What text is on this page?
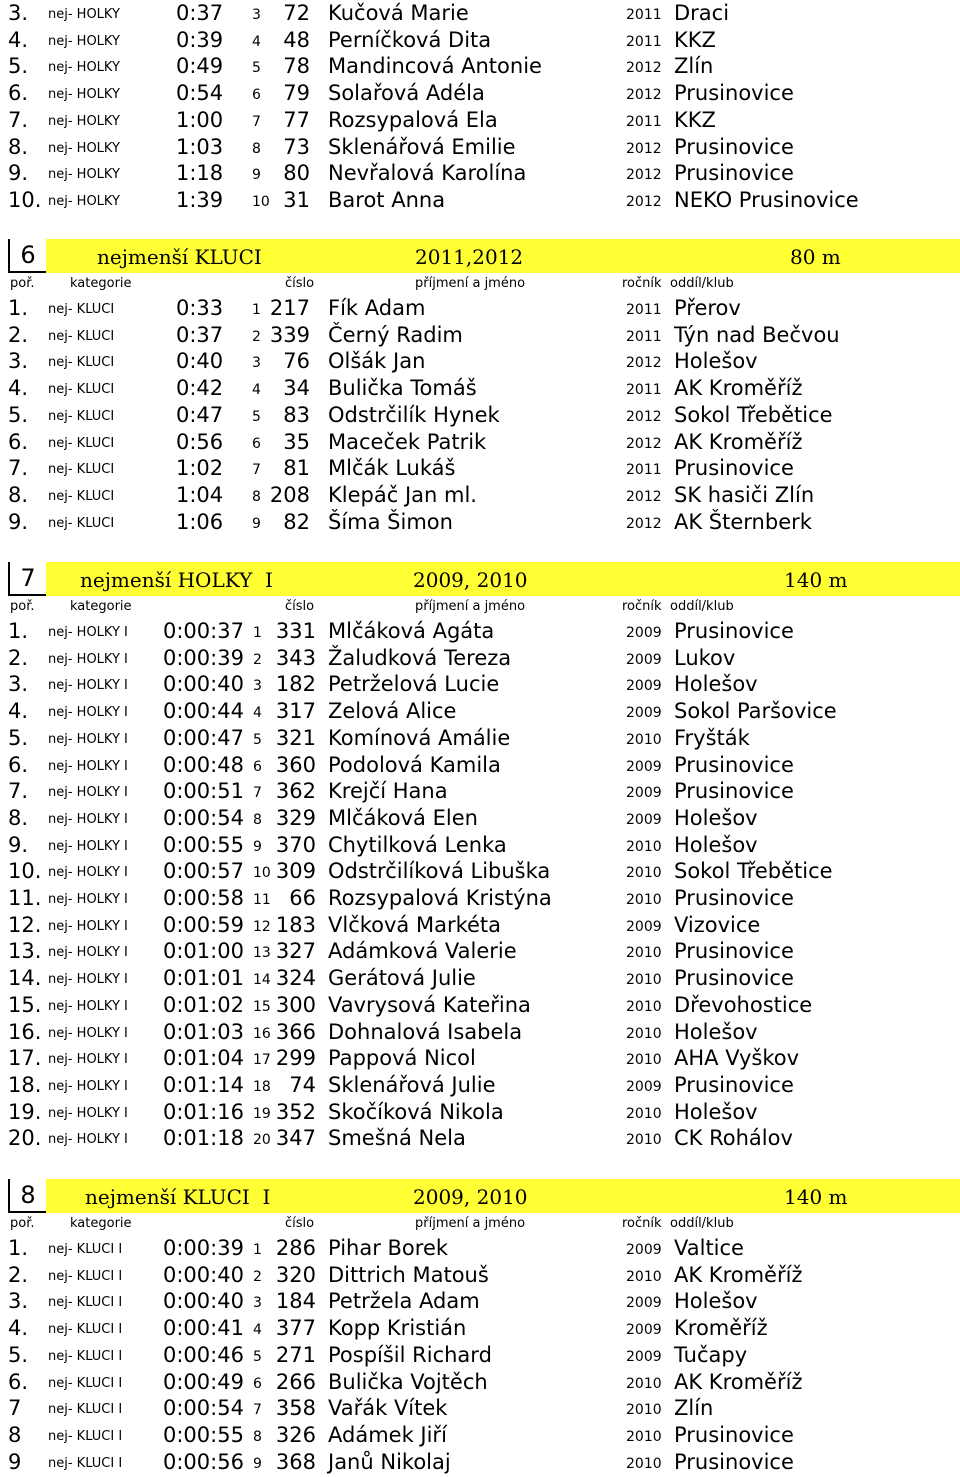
3. nej- HOLKY	0:37 3 72 Kučová Marie	2011 Draci
4. nej- HOLKY	0:39 4 48 Perníčková Dita	2011 KKZ
5. nej- HOLKY	0:49 5 78 Mandincová Antonie	2012 Zlín
6. nej- HOLKY	0:54 6 79 Solařová Adéla	2012 Prusinovice
7. nej- HOLKY	1:00 7 77 Rozsypalová Ela	2011 KKZ
8. nej- HOLKY	1:03 8 73 Sklenářová Emilie	2012 Prusinovice
9. nej- HOLKY	1:18 9 80 Nevřalová Karolína	2012 Prusinovice
10. nej- HOLKY	1:39 10 31 Barot Anna	2012 NEKO Prusinovice
6	nejmenší KLUCI	2011,2012	80 m
poř.	kategorie	číslo	příjmení a jméno	ročník oddíl/klub
1. nej- KLUCI	0:33 1 217 Fík Adam	2011 Přerov
2. nej- KLUCI	0:37 2 339 Černý Radim	2011 Týn nad Bečvou
3. nej- KLUCI	0:40 3 76 Olšák Jan	2012 Holešov
4. nej- KLUCI	0:42 4 34 Bulička Tomáš	2011 AK Kroměříž
5. nej- KLUCI	0:47 5 83 Odstrčilík Hynek	2012 Sokol Třebětice
6. nej- KLUCI	0:56 6 35 Maceček Patrik	2012 AK Kroměříž
7. nej- KLUCI	1:02 7 81 Mlčák Lukáš	2011 Prusinovice
8. nej- KLUCI	1:04 8 208 Klepáč Jan ml.	2012 SK hasiči Zlín
9. nej- KLUCI	1:06 9 82 Šíma Šimon	2012 AK Šternberk
7	nejmenší HOLKY  I	2009, 2010	140 m
poř.	kategorie	číslo	příjmení a jméno	ročník oddíl/klub
1. nej- HOLKY I 0:00:37 1 331 Mlčáková Agáta	2009 Prusinovice
2. nej- HOLKY I 0:00:39 2 343 Žaludková Tereza	2009 Lukov
3. nej- HOLKY I 0:00:40 3 182 Petrželová Lucie	2009 Holešov
4. nej- HOLKY I 0:00:44 4 317 Zelová Alice	2009 Sokol Paršovice
5. nej- HOLKY I 0:00:47 5 321 Komínová Amálie	2010 Fryšták
6. nej- HOLKY I 0:00:48 6 360 Podolová Kamila	2009 Prusinovice
7. nej- HOLKY I 0:00:51 7 362 Krejčí Hana	2009 Prusinovice
8. nej- HOLKY I 0:00:54 8 329 Mlčáková Elen	2009 Holešov
9. nej- HOLKY I 0:00:55 9 370 Chytilková Lenka	2010 Holešov
10. nej- HOLKY I 0:00:57 10 309 Odstrčilíková Libuška	2010 Sokol Třebětice
11. nej- HOLKY I 0:00:58 11 66 Rozsypalová Kristýna	2010 Prusinovice
12. nej- HOLKY I 0:00:59 12 183 Vlčková Markéta	2009 Vizovice
13. nej- HOLKY I 0:01:00 13 327 Adámková Valerie	2010 Prusinovice
14. nej- HOLKY I 0:01:01 14 324 Gerátová Julie	2010 Prusinovice
15. nej- HOLKY I 0:01:02 15 300 Vavrysová Kateřina	2010 Dřevohostice
16. nej- HOLKY I 0:01:03 16 366 Dohnalová Isabela	2010 Holešov
17. nej- HOLKY I 0:01:04 17 299 Pappová Nicol	2010 AHA Vyškov
18. nej- HOLKY I 0:01:14 18 74 Sklenářová Julie	2009 Prusinovice
19. nej- HOLKY I 0:01:16 19 352 Skočíková Nikola	2010 Holešov
20. nej- HOLKY I 0:01:18 20 347 Smešná Nela	2010 CK Rohálov
8	nejmenší KLUCI  I	2009, 2010	140 m
poř.	kategorie	číslo	příjmení a jméno	ročník oddíl/klub
1. nej- KLUCI I 0:00:39 1 286 Pihar Borek	2009 Valtice
2. nej- KLUCI I 0:00:40 2 320 Dittrich Matouš	2010 AK Kroměříž
3. nej- KLUCI I 0:00:40 3 184 Petržela Adam	2009 Holešov
4. nej- KLUCI I 0:00:41 4 377 Kopp Kristián	2009 Kroměříž
5. nej- KLUCI I 0:00:46 5 271 Pospíšil Richard	2009 Tučapy
6. nej- KLUCI I 0:00:49 6 266 Bulička Vojtěch	2010 AK Kroměříž
7 nej- KLUCI I 0:00:54 7 358 Vařák Vítek	2010 Zlín
8 nej- KLUCI I 0:00:55 8 326 Adámek Jiří	2010 Prusinovice
9 nej- KLUCI I 0:00:56 9 368 Janů Nikolaj	2010 Prusinovice
